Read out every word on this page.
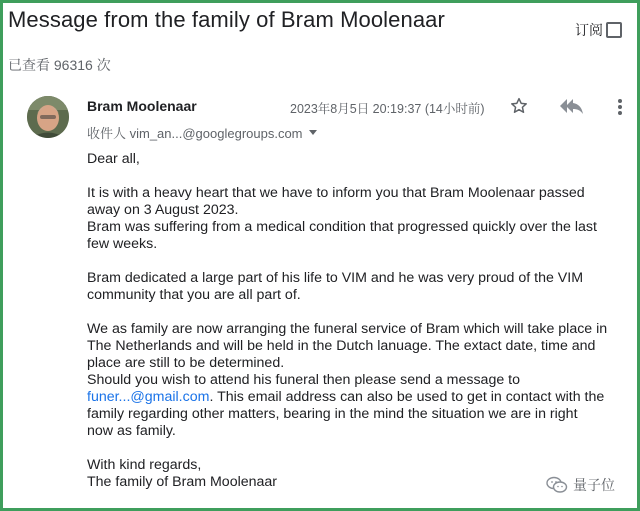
Message from the family of Bram Moolenaar	订阅
已查看 96316 次
Bram Moolenaar	2023年8月5日 20:19:37 (14小时前)
收件人 vim_an...@googlegroups.com

Dear all,

It is with a heavy heart that we have to inform you that Bram Moolenaar passed

away on 3 August 2023.

Bram was suffering from a medical condition that progressed quickly over the last

few weeks.

Bram dedicated a large part of his life to VIM and he was very proud of the VIM

community that you are all part of.

We as family are now arranging the funeral service of Bram which will take place in

The Netherlands and will be held in the Dutch lanuage. The extact date, time and

place are still to be determined.

Should you wish to attend his funeral then please send a message to

funer...@gmail.com. This email address can also be used to get in contact with the

family regarding other matters, bearing in the mind the situation we are in right

now as family.

With kind regards,

The family of Bram Moolenaar	量子位
